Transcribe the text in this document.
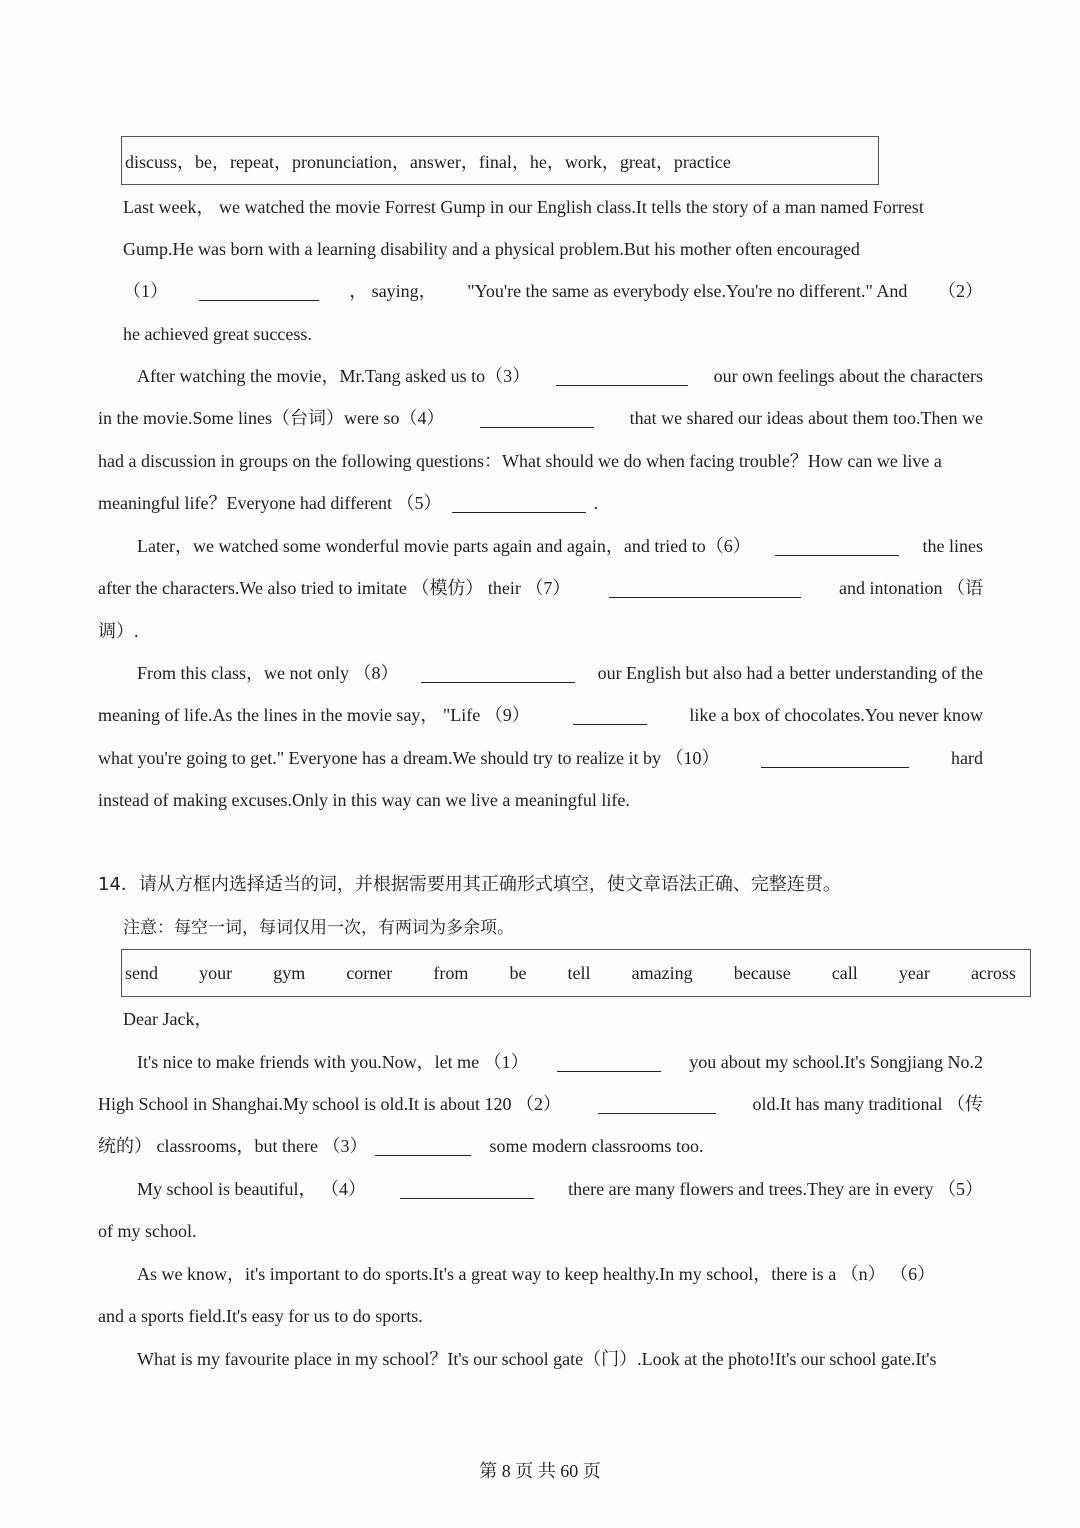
discuss，be，repeat，pronunciation，answer，final，he，work，great，practice
Last week， we watched the movie Forrest Gump in our English class.It tells the story of a man named Forrest
Gump.He was born with a learning disability and a physical problem.But his mother often encouraged
（1）	， saying， "You're the same as everybody else.You're no different." And （2）
he achieved great success.
After watching the movie，Mr.Tang asked us to（3）	our own feelings about the characters
in the movie.Some lines（台词）were so（4）	that we shared our ideas about them too.Then we
had a discussion in groups on the following questions：What should we do when facing trouble？How can we live a
meaningful life？Everyone had different （5）	.
Later，we watched some wonderful movie parts again and again，and tried to（6）	the lines
after the characters.We also tried to imitate （模仿） their （7）	and intonation （语
调）.
From this class，we not only （8）	our English but also had a better understanding of the
meaning of life.As the lines in the movie say， "Life （9）	like a box of chocolates.You never know
what you're going to get." Everyone has a dream.We should try to realize it by （10）	hard
instead of making excuses.Only in this way can we live a meaningful life.
14．请从方框内选择适当的词，并根据需要用其正确形式填空，使文章语法正确、完整连贯。
注意：每空一词，每词仅用一次，有两词为多余项。
send your gym corner from be tell amazing because call year across
Dear Jack，
It's nice to make friends with you.Now，let me （1）	you about my school.It's Songjiang No.2
High School in Shanghai.My school is old.It is about 120 （2）	old.It has many traditional （传
统的） classrooms，but there （3）	some modern classrooms too.
My school is beautiful， （4）	there are many flowers and trees.They are in every （5）
of my school.
As we know，it's important to do sports.It's a great way to keep healthy.In my school，there is a （n） （6）
and a sports field.It's easy for us to do sports.
What is my favourite place in my school？It's our school gate（门）.Look at the photo!It's our school gate.It's
第 8 页 共 60 页
